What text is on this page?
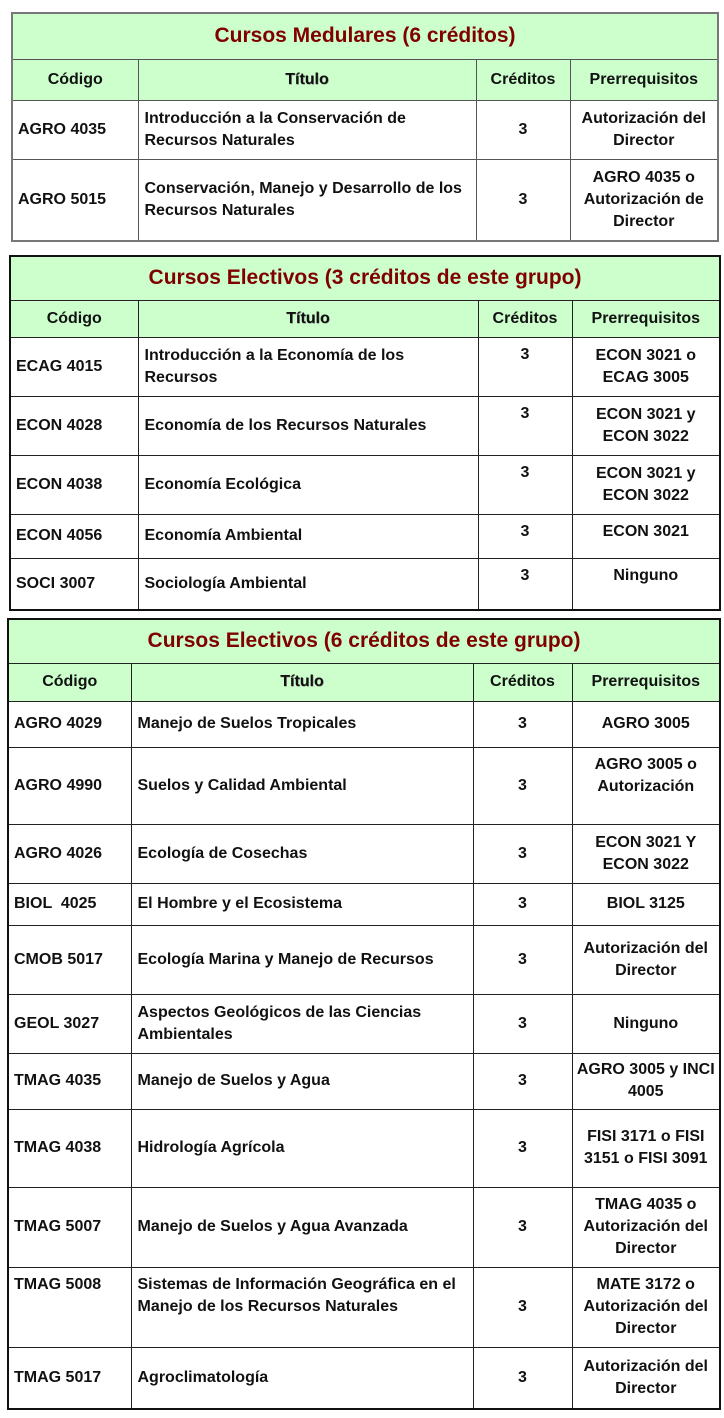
Cursos Medulares (6 créditos)			
Código	Título	Créditos	Prerrequisitos
AGRO 4035	Introducción a la Conservación de Recursos Naturales	3	Autorización del Director
AGRO 5015	Conservación, Manejo y Desarrollo de los Recursos Naturales	3	AGRO 4035 o Autorización de Director
Cursos Electivos (3 créditos de este grupo)			
Código	Título	Créditos	Prerrequisitos
ECAG 4015	Introducción a la Economía de los Recursos	3	ECON 3021 o ECAG 3005
ECON 4028	Economía de los Recursos Naturales	3	ECON 3021 y ECON 3022
ECON 4038	Economía Ecológica	3	ECON 3021 y ECON 3022
ECON 4056	Economía Ambiental	3	ECON 3021
SOCI 3007	Sociología Ambiental	3	Ninguno
Cursos Electivos (6 créditos de este grupo)			
Código	Título	Créditos	Prerrequisitos
AGRO 4029	Manejo de Suelos Tropicales	3	AGRO 3005
AGRO 4990	Suelos y Calidad Ambiental	3	AGRO 3005 o Autorización
AGRO 4026	Ecología de Cosechas	3	ECON 3021 Y ECON 3022
BIOL  4025	El Hombre y el Ecosistema	3	BIOL 3125
CMOB 5017	Ecología Marina y Manejo de Recursos	3	Autorización del Director
GEOL 3027	Aspectos Geológicos de las Ciencias Ambientales	3	Ninguno
TMAG 4035	Manejo de Suelos y Agua	3	AGRO 3005 y INCI 4005
TMAG 4038	Hidrología Agrícola	3	FISI 3171 o FISI 3151 o FISI 3091
TMAG 5007	Manejo de Suelos y Agua Avanzada	3	TMAG 4035 o Autorización del Director
TMAG 5008	Sistemas de Información Geográfica en el Manejo de los Recursos Naturales	3	MATE 3172 o Autorización del Director
TMAG 5017	Agroclimatología	3	Autorización del Director
